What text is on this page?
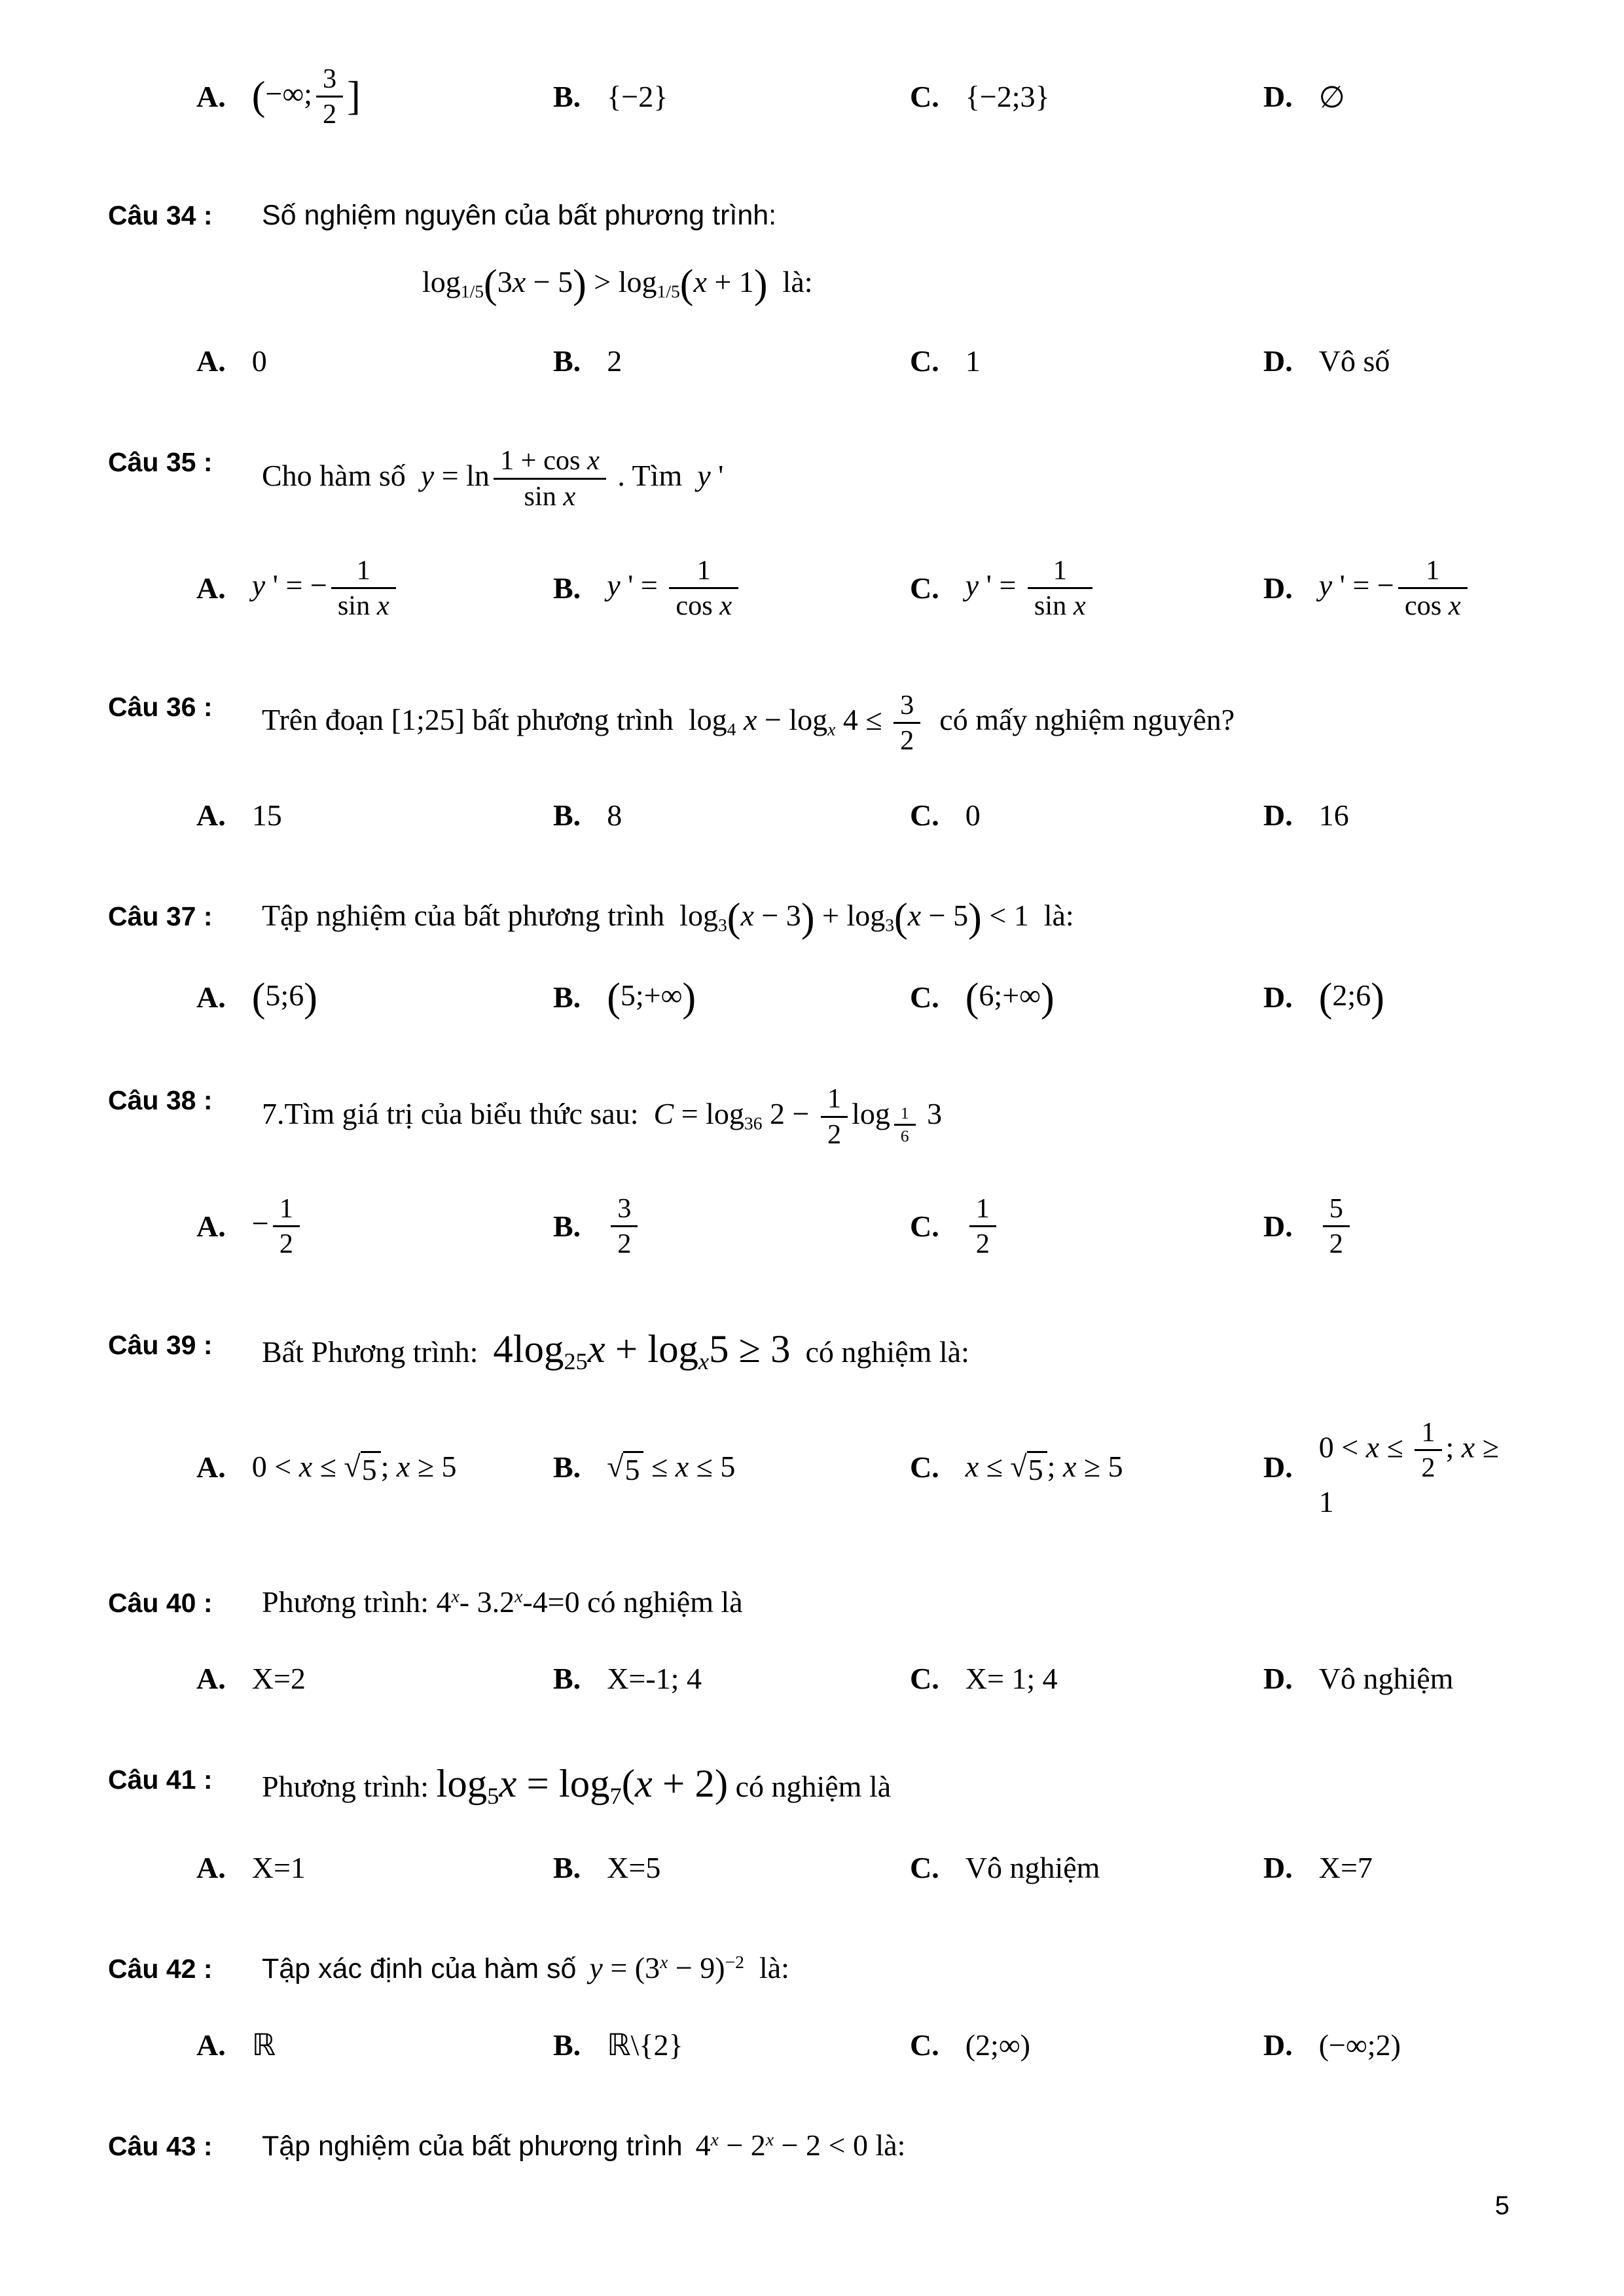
A. (−∞; $\frac{3}{2}$ ]	B. {−2}	C. {−2;3}	D. ∅
Câu 34 :	Số nghiệm nguyên của bất phương trình:
$\log_{1/5}(3x - 5) > \log_{1/5}(x + 1)$  là:
A. 0	B. 2	C. 1	D. Vô số
Câu 35 :	Cho hàm số  $y = \ln \frac{\text{1 + cos x}}{\text{sin x}}$ . Tìm  y '
A. y ' = − $\frac{1}{\text{sin x}}$	B. y ' = $\frac{1}{\text{cos x}}$	C. y ' = $\frac{1}{\text{sin x}}$	D. y ' = − $\frac{1}{\text{cos x}}$
Câu 36 :	Trên đoạn [1;25] bất phương trình  $\log_4 x - \log_x 4 \le \frac{3}{2}$ có mấy nghiệm nguyên?
A. 15	B. 8	C. 0	D. 16
Câu 37 :	Tập nghiệm của bất phương trình  $\log_3(x - 3) + \log_3(x - 5) < 1$  là:
A. (5;6)	B. (5;+∞)	C. (6;+∞)	D. (2;6)
Câu 38 :	7.Tìm giá trị của biểu thức sau:  $C = \log_{36} 2 - \frac{1}{2}$ log $_{\frac{1}{6}}$ 3
A. − $\frac{1}{2}$	B. $\frac{3}{2}$	C. $\frac{1}{2}$	D. $\frac{5}{2}$
Câu 39 :	Bất Phương trình:  $4\log_{25}x + \log_x5 \ge 3$  có nghiệm là:
A. 0 < x ≤ √ 5 ; x ≥ 5	B. √ 5 ≤ x ≤ 5	C. x ≤ √ 5 ; x ≥ 5	D.
$0 < x \le \frac{1}{2}$ ; x ≥ 1
Câu 40 :	Phương trình: 4$^x$- $3.2^x-4=0$ có nghiệm là
A. X=2	B. X=-1; 4	C. X= 1; 4	D. Vô nghiệm
Câu 41 :	Phương trình: $\log_5x = \log_7(x + 2)$ có nghiệm là
A. X=1	B. X=5	C. Vô nghiệm	D. X=7
Câu 42 :	Tập xác định của hàm số $y = (3^x - 9)^{-2}$  là:
A. ℝ	B. ℝ\{2}	C. (2;∞)	D. (−∞;2)
Câu 43 :	Tập nghiệm của bất phương trình $4^x - 2^x - 2 < 0$ là:
5
